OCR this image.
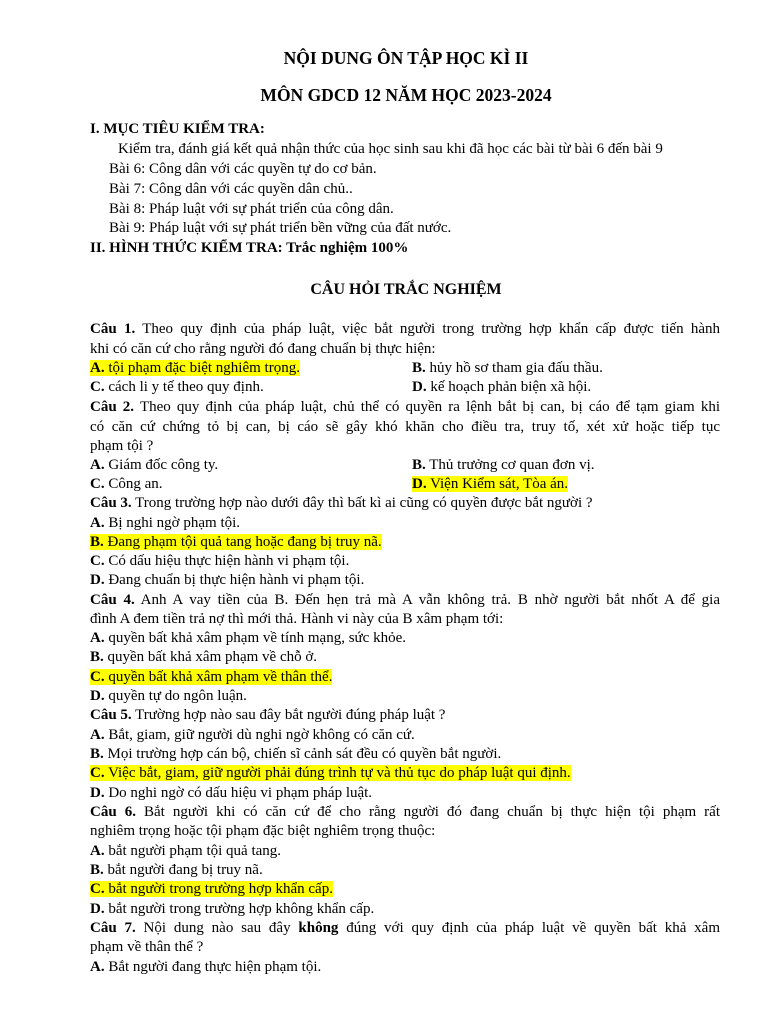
NỘI DUNG ÔN TẬP HỌC KÌ II
MÔN GDCD 12 NĂM HỌC 2023-2024
I. MỤC TIÊU KIỂM TRA:
Kiểm tra, đánh giá kết quả nhận thức của học sinh sau khi đã học các bài từ bài 6 đến bài 9
Bài 6: Công dân với các quyền tự do cơ bản.
Bài 7: Công dân với các quyền dân chủ..
Bài 8: Pháp luật với sự phát triển của công dân.
Bài 9: Pháp luật với sự phát triển bền vững của đất nước.
II. HÌNH THỨC KIỂM TRA: Trắc nghiệm 100%
CÂU HỎI TRẮC NGHIỆM
Câu 1. Theo quy định của pháp luật, việc bắt người trong trường hợp khẩn cấp được tiến hành
khi có căn cứ cho rằng người đó đang chuẩn bị thực hiện:
A. tội phạm đặc biệt nghiêm trọng.	B. hủy hồ sơ tham gia đấu thầu.
C. cách li y tế theo quy định.	D. kế hoạch phản biện xã hội.
Câu 2. Theo quy định của pháp luật, chủ thể có quyền ra lệnh bắt bị can, bị cáo để tạm giam khi
có căn cứ chứng tỏ bị can, bị cáo sẽ gây khó khăn cho điều tra, truy tố, xét xử hoặc tiếp tục
phạm tội ?
A. Giám đốc công ty.	B. Thủ trưởng cơ quan đơn vị.
C. Công an.	D. Viện Kiểm sát, Tòa án.
Câu 3. Trong trường hợp nào dưới đây thì bất kì ai cũng có quyền được bắt người ?
A. Bị nghi ngờ phạm tội.
B. Đang phạm tội quả tang hoặc đang bị truy nã.
C. Có dấu hiệu thực hiện hành vi phạm tội.
D. Đang chuẩn bị thực hiện hành vi phạm tội.
Câu 4. Anh A vay tiền của B. Đến hẹn trả mà A vẫn không trả. B nhờ người bắt nhốt A để gia
đình A đem tiền trả nợ thì mới thả. Hành vi này của B xâm phạm tới:
A. quyền bất khả xâm phạm về tính mạng, sức khỏe.
B. quyền bất khả xâm phạm về chỗ ở.
C. quyền bất khả xâm phạm về thân thể.
D. quyền tự do ngôn luận.
Câu 5. Trường hợp nào sau đây bắt người đúng pháp luật ?
A. Bắt, giam, giữ người dù nghi ngờ không có căn cứ.
B. Mọi trường hợp cán bộ, chiến sĩ cảnh sát đều có quyền bắt người.
C. Việc bắt, giam, giữ người phải đúng trình tự và thủ tục do pháp luật qui định.
D. Do nghi ngờ có dấu hiệu vi phạm pháp luật.
Câu 6. Bắt người khi có căn cứ để cho rằng người đó đang chuẩn bị thực hiện tội phạm rất
nghiêm trọng hoặc tội phạm đặc biệt nghiêm trọng thuộc:
A. bắt người phạm tội quả tang.
B. bắt người đang bị truy nã.
C. bắt người trong trường hợp khẩn cấp.
D. bắt người trong trường hợp không khẩn cấp.
Câu 7. Nội dung nào sau đây không đúng với quy định của pháp luật về quyền bất khả xâm
phạm về thân thể ?
A. Bắt người đang thực hiện phạm tội.
